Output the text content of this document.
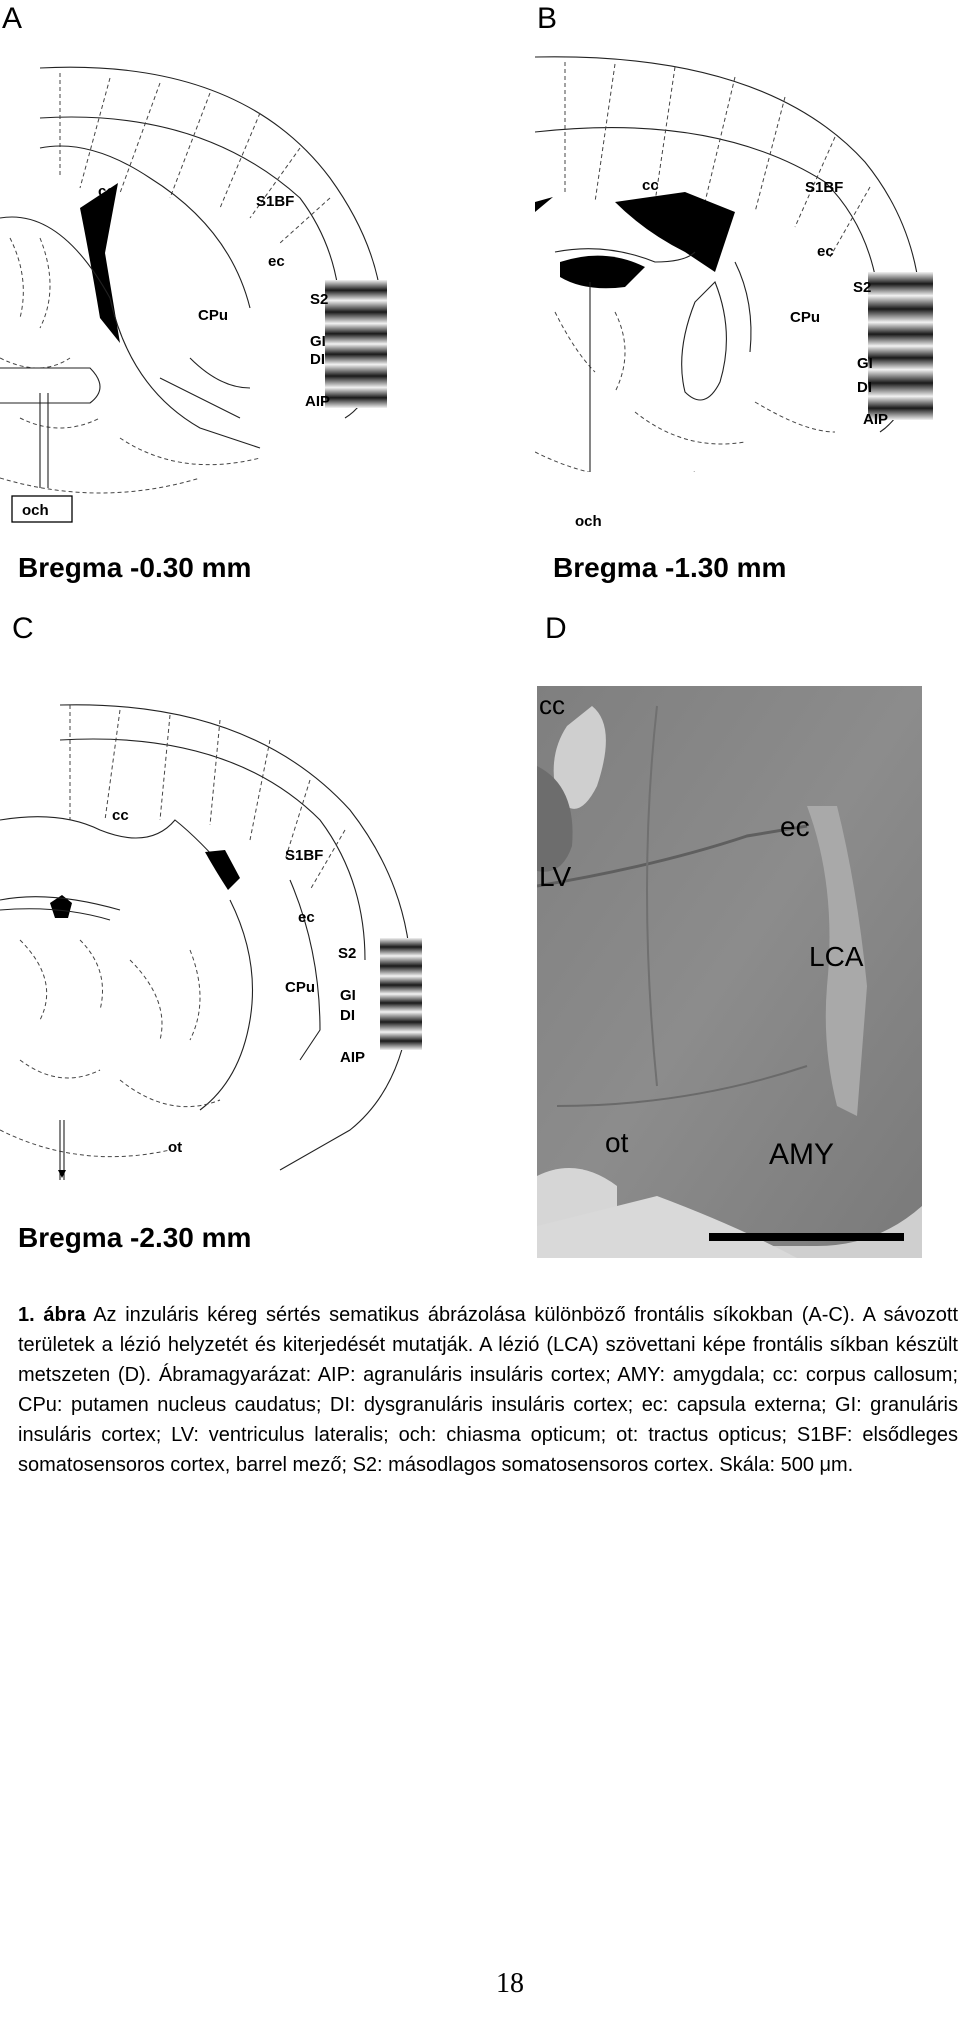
A	B
C	D
cc
S1BF
ec
CPu
S2
GI
DI
AIP
och
Bregma -0.30 mm
cc	S1BF
ec
S2
CPu
GI
DI
AIP
och
Bregma -1.30 mm
cc
S1BF
ec
S2
CPu GI
DI
AIP
ot
Bregma -2.30 mm
cc
ec
LV
LCA
ot	AMY
1. ábra Az inzuláris kéreg sértés sematikus ábrázolása különböző frontális síkokban (A-C). A sávozott területek a lézió helyzetét és kiterjedését mutatják. A lézió (LCA) szövettani képe frontális síkban készült metszeten (D). Ábramagyarázat: AIP: agranuláris insuláris cortex; AMY: amygdala; cc: corpus callosum; CPu: putamen nucleus caudatus; DI: dysgranuláris insuláris cortex; ec: capsula externa; GI: granuláris insuláris cortex; LV: ventriculus lateralis; och: chiasma opticum; ot: tractus opticus; S1BF: elsődleges somatosensoros cortex, barrel mező; S2: másodlagos somatosensoros cortex. Skála: 500 μm.
18
